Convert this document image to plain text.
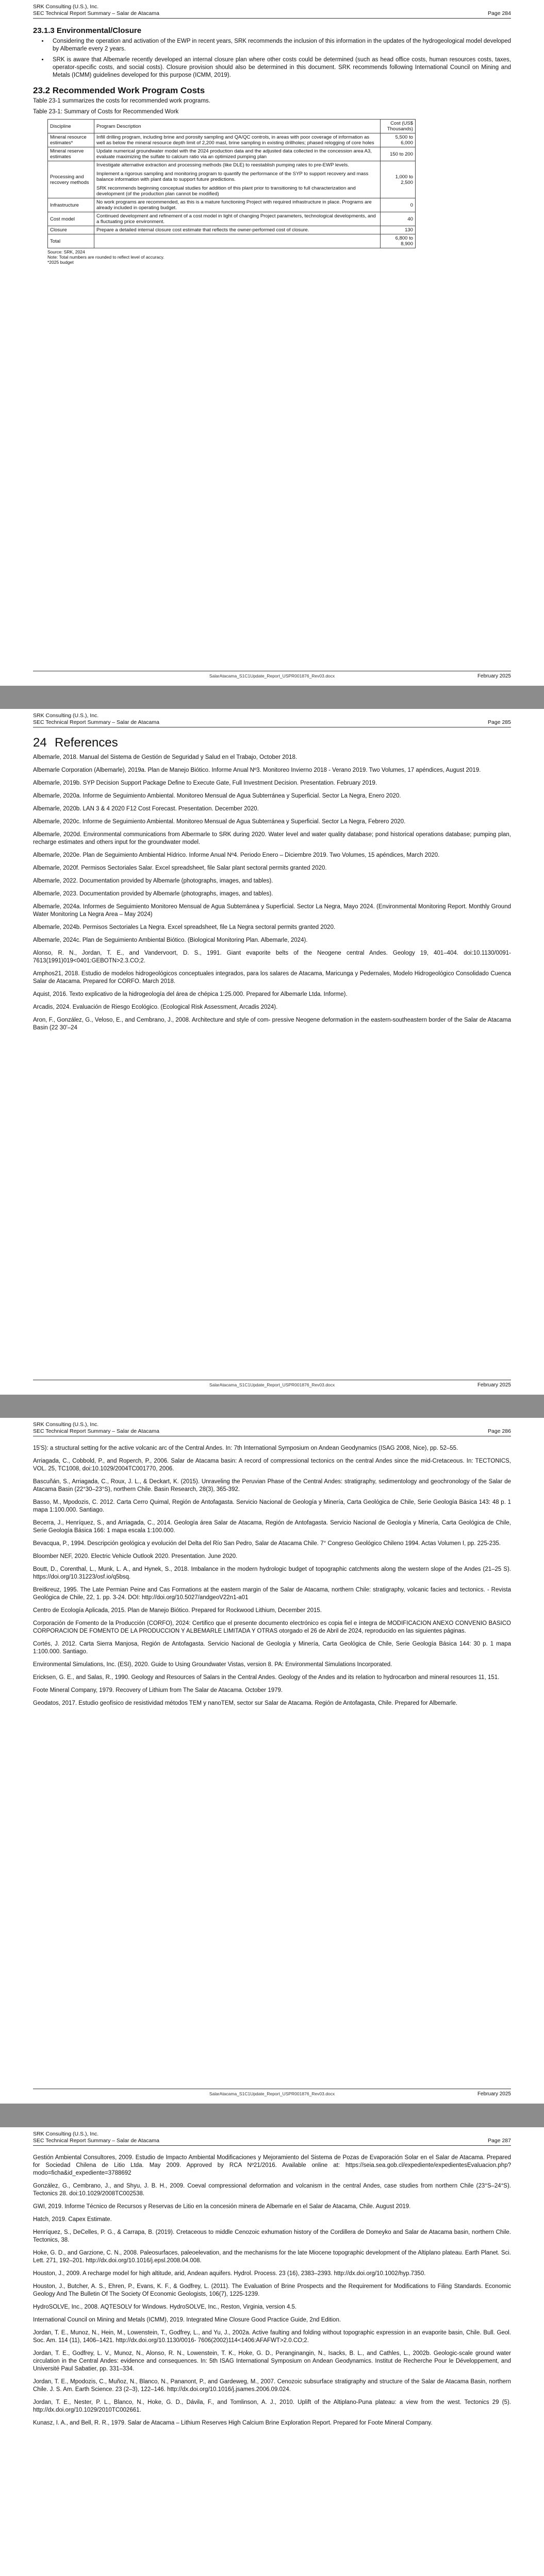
SRK Consulting (U.S.), Inc.
SEC Technical Report Summary – Salar de Atacama	Page 284
23.1.3 Environmental/Closure
• Considering the operation and activation of the EWP in recent years, SRK recommends the inclusion of this information in the updates of the hydrogeological model developed by Albemarle every 2 years.
• SRK is aware that Albemarle recently developed an internal closure plan where other costs could be determined (such as head office costs, human resources costs, taxes, operator-specific costs, and social costs). Closure provision should also be determined in this document. SRK recommends following International Council on Mining and Metals (ICMM) guidelines developed for this purpose (ICMM, 2019).
23.2 Recommended Work Program Costs

Table 23-1 summarizes the costs for recommended work programs.

Table 23-1: Summary of Costs for Recommended Work

Discipline	Program Description	Cost (US$ Thousands)
Mineral resource estimates*	Infill drilling program, including brine and porosity sampling and QA/QC controls, in areas with poor coverage of information as well as below the mineral resource depth limit of 2,200 masl, brine sampling in existing drillholes; phased relogging of core holes	5,500 to 6,000
Mineral reserve estimates	Update numerical groundwater model with the 2024 production data and the adjusted data collected in the concession area A3, evaluate maximizing the sulfate to calcium ratio via an optimized pumping plan	150 to 200
Processing and recovery methods	Investigate alternative extraction and processing methods (like DLE) to reestablish pumping rates to pre-EWP levels.
Implement a rigorous sampling and monitoring program to quantify the performance of the SYP to support recovery and mass balance information with plant data to support future predictions.
SRK recommends beginning conceptual studies for addition of this plant prior to transitioning to full characterization and development (of the production plan cannot be modified)	1,000 to 2,500
Infrastructure	No work programs are recommended, as this is a mature functioning Project with required infrastructure in place. Programs are already included in operating budget.	0
Cost model	Continued development and refinement of a cost model in light of changing Project parameters, technological developments, and a fluctuating price environment.	40
Closure	Prepare a detailed internal closure cost estimate that reflects the owner-performed cost of closure.	130
Total		6,800 to 8,900
Source: SRK, 2024
Note: Total numbers are rounded to reflect level of accuracy.
*2025 budget
SalarAtacama_S1C1Update_Report_USPR001876_Rev03.docx	February 2025
SRK Consulting (U.S.), Inc.
SEC Technical Report Summary – Salar de Atacama	Page 285
24 References
Albemarle, 2018. Manual del Sistema de Gestión de Seguridad y Salud en el Trabajo, October 2018.
Albemarle Corporation (Albemarle), 2019a. Plan de Manejo Biótico. Informe Anual Nº3. Monitoreo Invierno 2018 - Verano 2019. Two Volumes, 17 apéndices, August 2019.
Albemarle, 2019b. SYP Decision Support Package Define to Execute Gate, Full Investment Decision. Presentation. February 2019.
Albemarle, 2020a. Informe de Seguimiento Ambiental. Monitoreo Mensual de Agua Subterránea y Superficial. Sector La Negra, Enero 2020.
Albemarle, 2020b. LAN 3 & 4 2020 F12 Cost Forecast. Presentation. December 2020.
Albemarle, 2020c. Informe de Seguimiento Ambiental. Monitoreo Mensual de Agua Subterránea y Superficial. Sector La Negra, Febrero 2020.
Albemarle, 2020d. Environmental communications from Albermarle to SRK during 2020. Water level and water quality database; pond historical operations database; pumping plan, recharge estimates and others input for the groundwater model.
Albemarle, 2020e. Plan de Seguimiento Ambiental Hídrico. Informe Anual Nº4. Periodo Enero – Diciembre 2019. Two Volumes, 15 apéndices, March 2020.
Albemarle, 2020f. Permisos Sectoriales Salar. Excel spreadsheet, file Salar plant sectoral permits granted 2020.
Albemarle, 2022. Documentation provided by Albemarle (photographs, images, and tables).
Albemarle, 2023. Documentation provided by Albemarle (photographs, images, and tables).
Albemarle, 2024a. Informes de Seguimiento Monitoreo Mensual de Agua Subterránea y Superficial. Sector La Negra, Mayo 2024. (Environmental Monitoring Report. Monthly Ground Water Monitoring La Negra Area – May 2024)
Albemarle, 2024b. Permisos Sectoriales La Negra. Excel spreadsheet, file La Negra sectoral permits granted 2020.
Albemarle, 2024c. Plan de Seguimiento Ambiental Biótico. (Biological Monitoring Plan. Albemarle, 2024).
Alonso, R. N., Jordan, T. E., and Vandervoort, D. S., 1991. Giant evaporite belts of the Neogene central Andes. Geology 19, 401–404. doi:10.1130/0091-7613(1991)019<0401:GEBOTN>2.3.CO;2.
Amphos21, 2018. Estudio de modelos hidrogeológicos conceptuales integrados, para los salares de Atacama, Maricunga y Pedernales, Modelo Hidrogeológico Consolidado Cuenca Salar de Atacama. Prepared for CORFO. March 2018.
Aquist, 2016. Texto explicativo de la hidrogeología del área de chépica 1:25.000. Prepared for Albemarle Ltda. Informe).
Arcadis, 2024. Evaluación de Riesgo Ecológico. (Ecological Risk Assessment, Arcadis 2024).
Aron, F., González, G., Veloso, E., and Cembrano, J., 2008. Architecture and style of com- pressive Neogene deformation in the eastern-southeastern border of the Salar de Atacama Basin (22 30'–24
SalarAtacama_S1C1Update_Report_USPR001876_Rev03.docx	February 2025
SRK Consulting (U.S.), Inc.
SEC Technical Report Summary – Salar de Atacama	Page 286
15'S): a structural setting for the active volcanic arc of the Central Andes. In: 7th International Symposium on Andean Geodynamics (ISAG 2008, Nice), pp. 52–55.
Arriagada, C., Cobbold, P., and Roperch, P., 2006. Salar de Atacama basin: A record of compressional tectonics on the central Andes since the mid-Cretaceous. In: TECTONICS, VOL. 25, TC1008, doi:10.1029/2004TC001770, 2006.
Bascuñán, S., Arriagada, C., Roux, J. L., & Deckart, K. (2015). Unraveling the Peruvian Phase of the Central Andes: stratigraphy, sedimentology and geochronology of the Salar de Atacama Basin (22°30–23°S), northern Chile. Basin Research, 28(3), 365-392.
Basso, M., Mpodozis, C. 2012. Carta Cerro Quimal, Región de Antofagasta. Servicio Nacional de Geología y Minería, Carta Geológica de Chile, Serie Geología Básica 143: 48 p. 1 mapa 1:100.000. Santiago.
Becerra, J., Henríquez, S., and Arriagada, C., 2014. Geología área Salar de Atacama, Región de Antofagasta. Servicio Nacional de Geología y Minería, Carta Geológica de Chile, Serie Geología Básica 166: 1 mapa escala 1:100.000.
Bevacqua, P., 1994. Descripción geológica y evolución del Delta del Río San Pedro, Salar de Atacama Chile. 7° Congreso Geológico Chileno 1994. Actas Volumen I, pp. 225-235.
Bloomber NEF, 2020. Electric Vehicle Outlook 2020. Presentation. June 2020.
Boutt, D., Corenthal, L., Munk, L. A., and Hynek, S., 2018. Imbalance in the modern hydrologic budget of topographic catchments along the western slope of the Andes (21–25 S). https://doi.org/10.31223/osf.io/q5bsq.
Breitkreuz, 1995. The Late Permian Peine and Cas Formations at the eastern margin of the Salar de Atacama, northern Chile: stratigraphy, volcanic facies and tectonics. - Revista Geológica de Chile, 22, 1. pp. 3-24. DOI: http://doi.org/10.5027/andgeoV22n1-a01
Centro de Ecología Aplicada, 2015. Plan de Manejo Biótico. Prepared for Rockwood Lithium, December 2015.
Corporación de Fomento de la Producción (CORFO), 2024: Certifico que el presente documento electrónico es copia fiel e íntegra de MODIFICACION ANEXO CONVENIO BASICO CORPORACION DE FOMENTO DE LA PRODUCCION Y ALBEMARLE LIMITADA Y OTRAS otorgado el 26 de Abril de 2024, reproducido en las siguientes páginas.
Cortés, J. 2012. Carta Sierra Manjosa, Región de Antofagasta. Servicio Nacional de Geología y Minería, Carta Geológica de Chile, Serie Geología Básica 144: 30 p. 1 mapa 1:100.000. Santiago.
Environmental Simulations, Inc. (ESI), 2020. Guide to Using Groundwater Vistas, version 8. PA: Environmental Simulations Incorporated.
Ericksen, G. E., and Salas, R., 1990. Geology and Resources of Salars in the Central Andes. Geology of the Andes and its relation to hydrocarbon and mineral resources 11, 151.
Foote Mineral Company, 1979. Recovery of Lithium from The Salar de Atacama. October 1979.
Geodatos, 2017. Estudio geofísico de resistividad métodos TEM y nanoTEM, sector sur Salar de Atacama. Región de Antofagasta, Chile. Prepared for Albemarle.
SalarAtacama_S1C1Update_Report_USPR001876_Rev03.docx	February 2025
SRK Consulting (U.S.), Inc.
SEC Technical Report Summary – Salar de Atacama	Page 287
Gestión Ambiental Consultores, 2009. Estudio de Impacto Ambiental Modificaciones y Mejoramiento del Sistema de Pozas de Evaporación Solar en el Salar de Atacama. Prepared for Sociedad Chilena de Litio Ltda. May 2009. Approved by RCA Nº21/2016. Available online at: https://seia.sea.gob.cl/expediente/expedientesEvaluacion.php?modo=ficha&id_expediente=3788692
González, G., Cembrano, J., and Shyu, J. B. H., 2009. Coeval compressional deformation and volcanism in the central Andes, case studies from northern Chile (23°S–24°S). Tectonics 28. doi:10.1029/2008TC002538.
GWI, 2019. Informe Técnico de Recursos y Reservas de Litio en la concesión minera de Albemarle en el Salar de Atacama, Chile. August 2019.
Hatch, 2019. Capex Estimate.
Henríquez, S., DeCelles, P. G., & Carrapa, B. (2019). Cretaceous to middle Cenozoic exhumation history of the Cordillera de Domeyko and Salar de Atacama basin, northern Chile. Tectonics, 38.
Hoke, G. D., and Garzione, C. N., 2008. Paleosurfaces, paleoelevation, and the mechanisms for the late Miocene topographic development of the Altiplano plateau. Earth Planet. Sci. Lett. 271, 192–201. http://dx.doi.org/10.1016/j.epsl.2008.04.008.
Houston, J., 2009. A recharge model for high altitude, arid, Andean aquifers. Hydrol. Process. 23 (16), 2383–2393. http://dx.doi.org/10.1002/hyp.7350.
Houston, J., Butcher, A. S., Ehren, P., Evans, K. F., & Godfrey, L. (2011). The Evaluation of Brine Prospects and the Requirement for Modifications to Filing Standards. Economic Geology And The Bulletin Of The Society Of Economic Geologists, 106(7), 1225-1239.
HydroSOLVE, Inc., 2008. AQTESOLV for Windows. HydroSOLVE, Inc., Reston, Virginia, version 4.5.
International Council on Mining and Metals (ICMM), 2019. Integrated Mine Closure Good Practice Guide, 2nd Edition.
Jordan, T. E., Munoz, N., Hein, M., Lowenstein, T., Godfrey, L., and Yu, J., 2002a. Active faulting and folding without topographic expression in an evaporite basin, Chile. Bull. Geol. Soc. Am. 114 (11), 1406–1421. http://dx.doi.org/10.1130/0016- 7606(2002)114<1406:AFAFWT>2.0.CO;2.
Jordan, T. E., Godfrey, L. V., Munoz, N., Alonso, R. N., Lowenstein, T. K., Hoke, G. D., Peranginangin, N., Isacks, B. L., and Cathles, L., 2002b. Geologic-scale ground water circulation in the Central Andes: evidence and consequences. In: 5th ISAG International Symposium on Andean Geodynamics. Institut de Recherche Pour le Développement, and Université Paul Sabatier, pp. 331–334.
Jordan, T. E., Mpodozis, C., Muñoz, N., Blanco, N., Pananont, P., and Gardeweg, M., 2007. Cenozoic subsurface stratigraphy and structure of the Salar de Atacama Basin, northern Chile. J. S. Am. Earth Science. 23 (2–3), 122–146. http://dx.doi.org/10.1016/j.jsames.2006.09.024.
Jordan, T. E., Nester, P. L., Blanco, N., Hoke, G. D., Dávila, F., and Tomlinson, A. J., 2010. Uplift of the Altiplano-Puna plateau: a view from the west. Tectonics 29 (5). http://dx.doi.org/10.1029/2010TC002661.
Kunasz, I. A., and Bell, R. R., 1979. Salar de Atacama – Lithium Reserves High Calcium Brine Exploration Report. Prepared for Foote Mineral Company.
